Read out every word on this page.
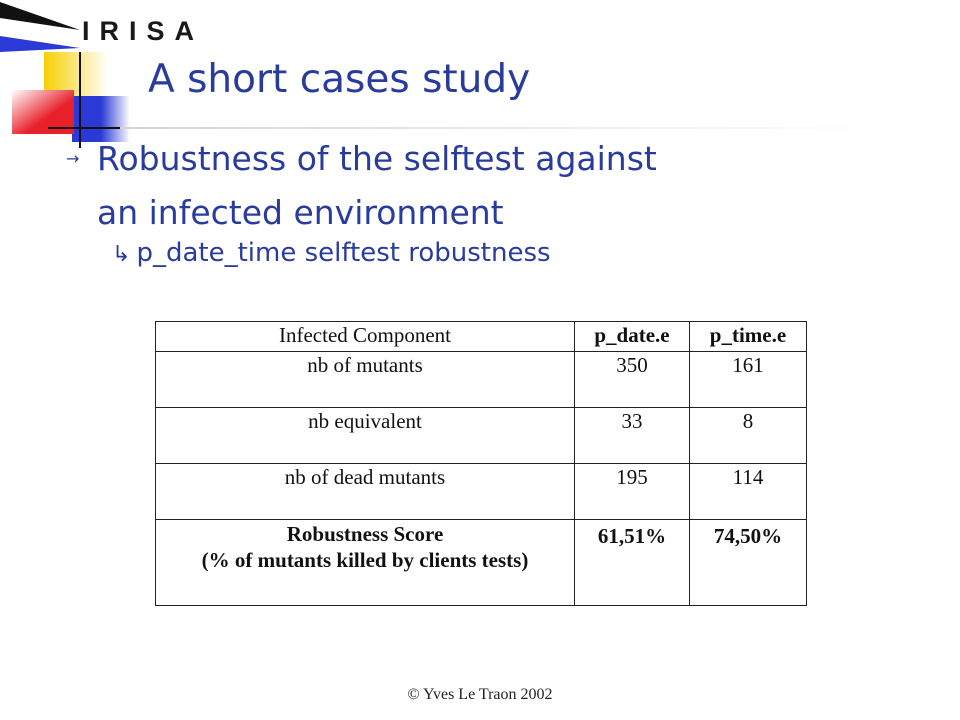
IRISA
A short cases study
→ Robustness of the selftest against an infected environment
↳ p_date_time selftest robustness
Infected Component	p_date.e	p_time.e
nb of mutants	350	161
nb equivalent	33	8
nb of dead mutants	195	114

Robustness Score
(% of mutants killed by clients tests)	61,51%	74,50%
© Yves Le Traon 2002
